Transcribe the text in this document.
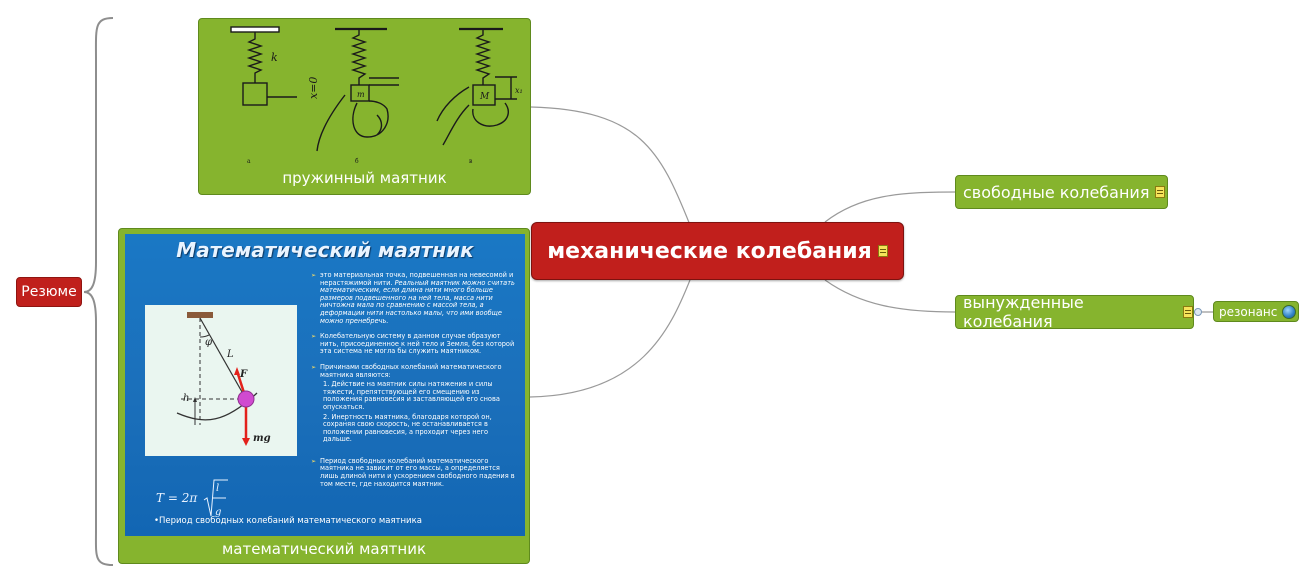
Резюме
механические колебания
свободные колебания
вынужденные колебания
резонанс
k
x=0	m	M
x₁
а	б	в
пружинный маятник
Математический маятник
φ
L
F
h
mg
T = 2π
l
g
•Период свободных колебаний математического маятника

➢ это материальная точка, подвешенная на невесомой и нерастяжимой нити. Реальный маятник можно считать математическим, если длина нити много больше размеров подвешенного на ней тела, масса нити ничтожна мала по сравнению с массой тела, а деформации нити настолько малы, что ими вообще можно пренебречь.

➢ Колебательную систему в данном случае образуют нить, присоединенное к ней тело и Земля, без которой эта система не могла бы служить маятником.

➢ Причинами свободных колебаний математического маятника являются:

1. Действие на маятник силы натяжения и силы тяжести, препятствующей его смещению из положения равновесия и заставляющей его снова опускаться.

2. Инертность маятника, благодаря которой он, сохраняя свою скорость, не останавливается в положении равновесия, а проходит через него дальше.

➢ Период свободных колебаний математического маятника не зависит от его массы, а определяется лишь длиной нити и ускорением свободного падения в том месте, где находится маятник.

математический маятник
